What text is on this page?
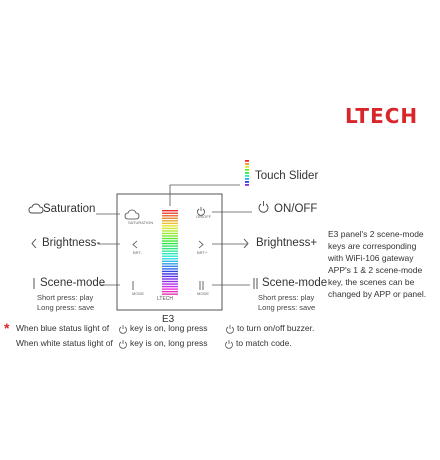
LTECH
SATURATION
ON/OFF
BRT-	BRT+
MODE	MODE
LTECH
E3
Touch Slider
Saturation
Brightness-
Scene-mode
ON/OFF
Brightness+
Scene-mode
Short press: play
Long press: save
Short press: play
Long press: save
E3 panel's 2 scene-mode
keys are corresponding
with WiFi-106 gateway
APP's 1 & 2 scene-mode
key, the scenes can be
changed by APP or panel.
* When blue status light of key is on, long press	to turn on/off buzzer.
When white status light of key is on, long press	to match code.
